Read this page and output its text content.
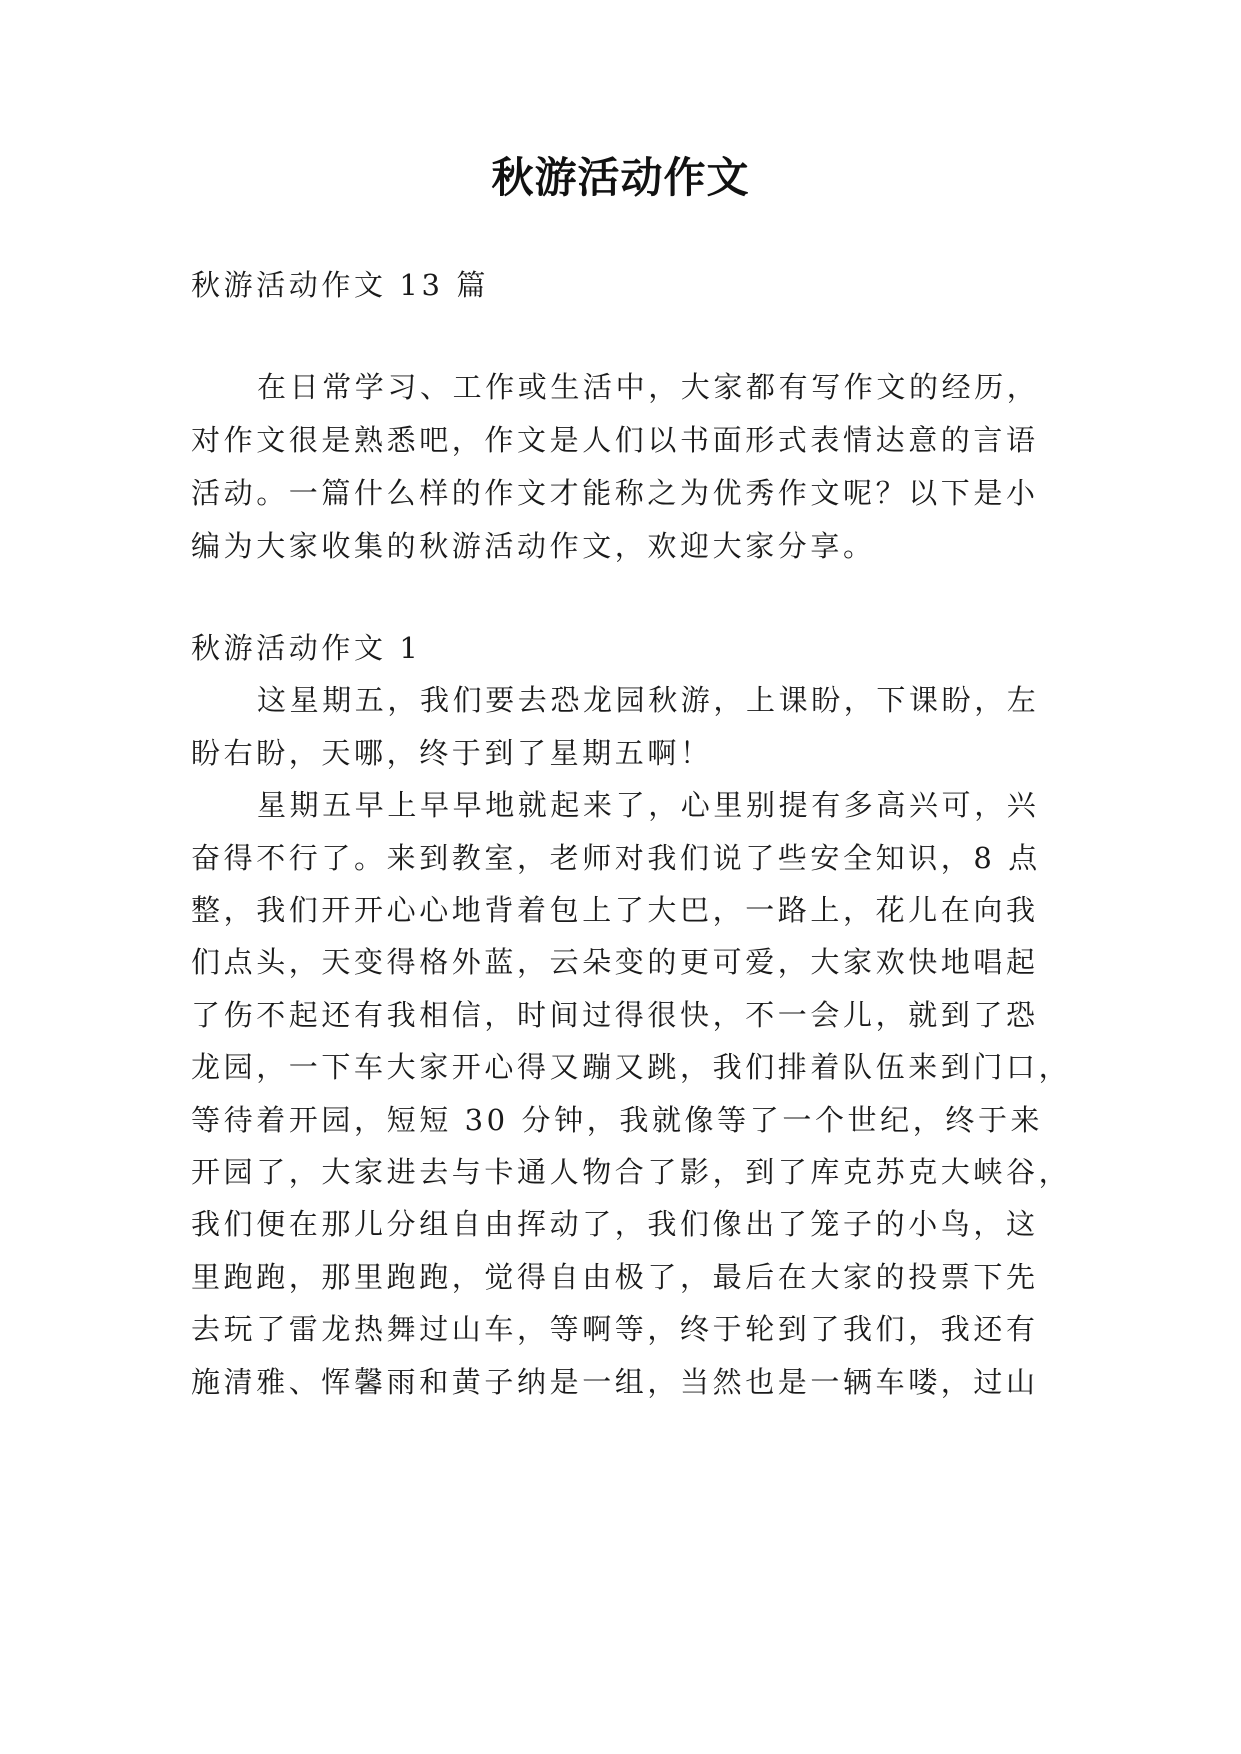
秋游活动作文
秋游活动作文 13 篇
在日常学习、工作或生活中，大家都有写作文的经历，
对作文很是熟悉吧，作文是人们以书面形式表情达意的言语
活动。一篇什么样的作文才能称之为优秀作文呢？以下是小
编为大家收集的秋游活动作文，欢迎大家分享。
秋游活动作文 1
这星期五，我们要去恐龙园秋游，上课盼，下课盼，左
盼右盼，天哪，终于到了星期五啊！
星期五早上早早地就起来了，心里别提有多高兴可，兴
奋得不行了。来到教室，老师对我们说了些安全知识，8 点
整，我们开开心心地背着包上了大巴，一路上，花儿在向我
们点头，天变得格外蓝，云朵变的更可爱，大家欢快地唱起
了伤不起还有我相信，时间过得很快，不一会儿，就到了恐
龙园，一下车大家开心得又蹦又跳，我们排着队伍来到门口，
等待着开园，短短 30 分钟，我就像等了一个世纪，终于来
开园了，大家进去与卡通人物合了影，到了库克苏克大峡谷，
我们便在那儿分组自由挥动了，我们像出了笼子的小鸟，这
里跑跑，那里跑跑，觉得自由极了，最后在大家的投票下先
去玩了雷龙热舞过山车，等啊等，终于轮到了我们，我还有
施清雅、恽馨雨和黄子纳是一组，当然也是一辆车喽，过山
